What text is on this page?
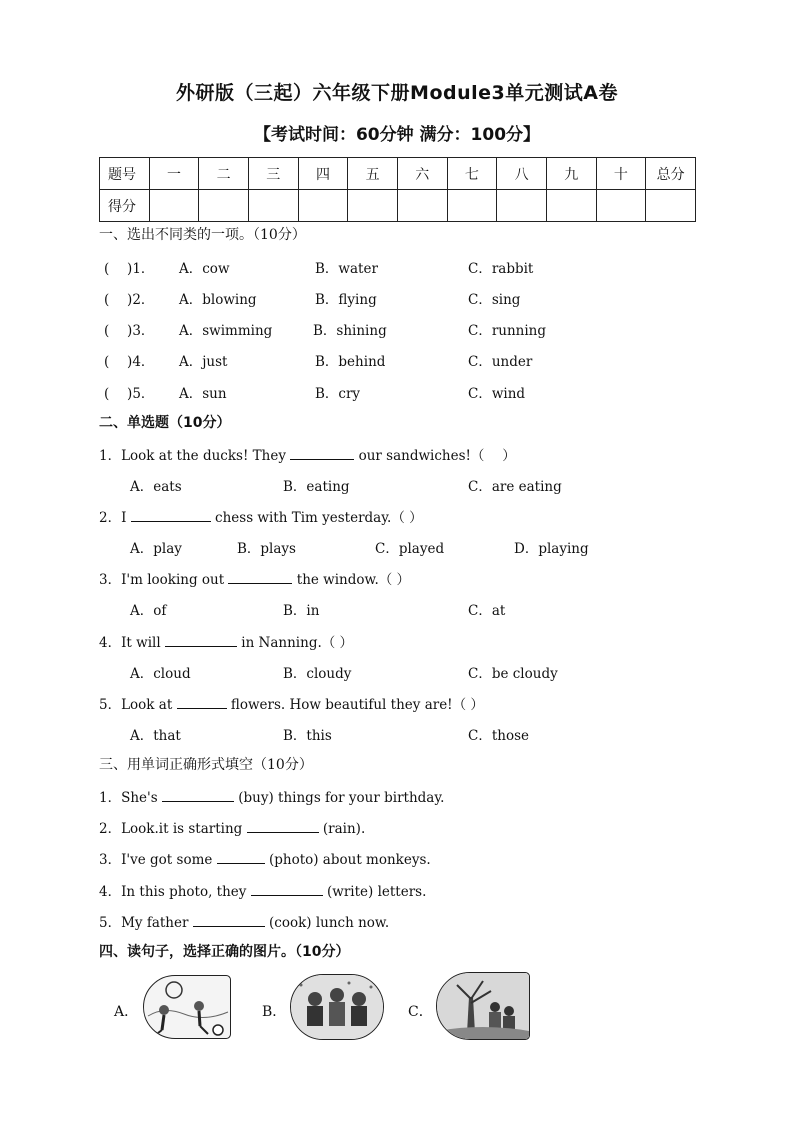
外研版（三起）六年级下册Module3单元测试A卷
【考试时间：60分钟 满分：100分】
题号	一	二	三	四	五	六	七	八	九	十	总分
得分											
一、选出不同类的一项。（10分）
(　 )1． A．cow	B．water	C．rabbit
(　 )2． A．blowing	B．flying	C．sing
(　 )3． A．swimming	B．shining	C．running
(　 )4． A．just	B．behind	C．under
(　 )5． A．sun	B．cry	C．wind
二、单选题（10分）
1．Look at the ducks! They	our sandwiches!（　 ）
A．eats	B．eating	C．are eating
2．I	chess with Tim yesterday.（ ）
A．play	B．plays	C．played	D．playing
3．I'm looking out	the window.（ ）
A．of	B．in	C．at
4．It will	in Nanning.（ ）
A．cloud	B．cloudy	C．be cloudy
5．Look at	flowers. How beautiful they are!（ ）
A．that	B．this	C．those
三、用单词正确形式填空（10分）
1．She's	(buy) things for your birthday.
2．Look.it is starting	(rain).
3．I've got some	(photo) about monkeys.
4．In this photo, they	(write) letters.
5．My father	(cook) lunch now.
四、读句子，选择正确的图片。（10分）
A．	B．	C．
